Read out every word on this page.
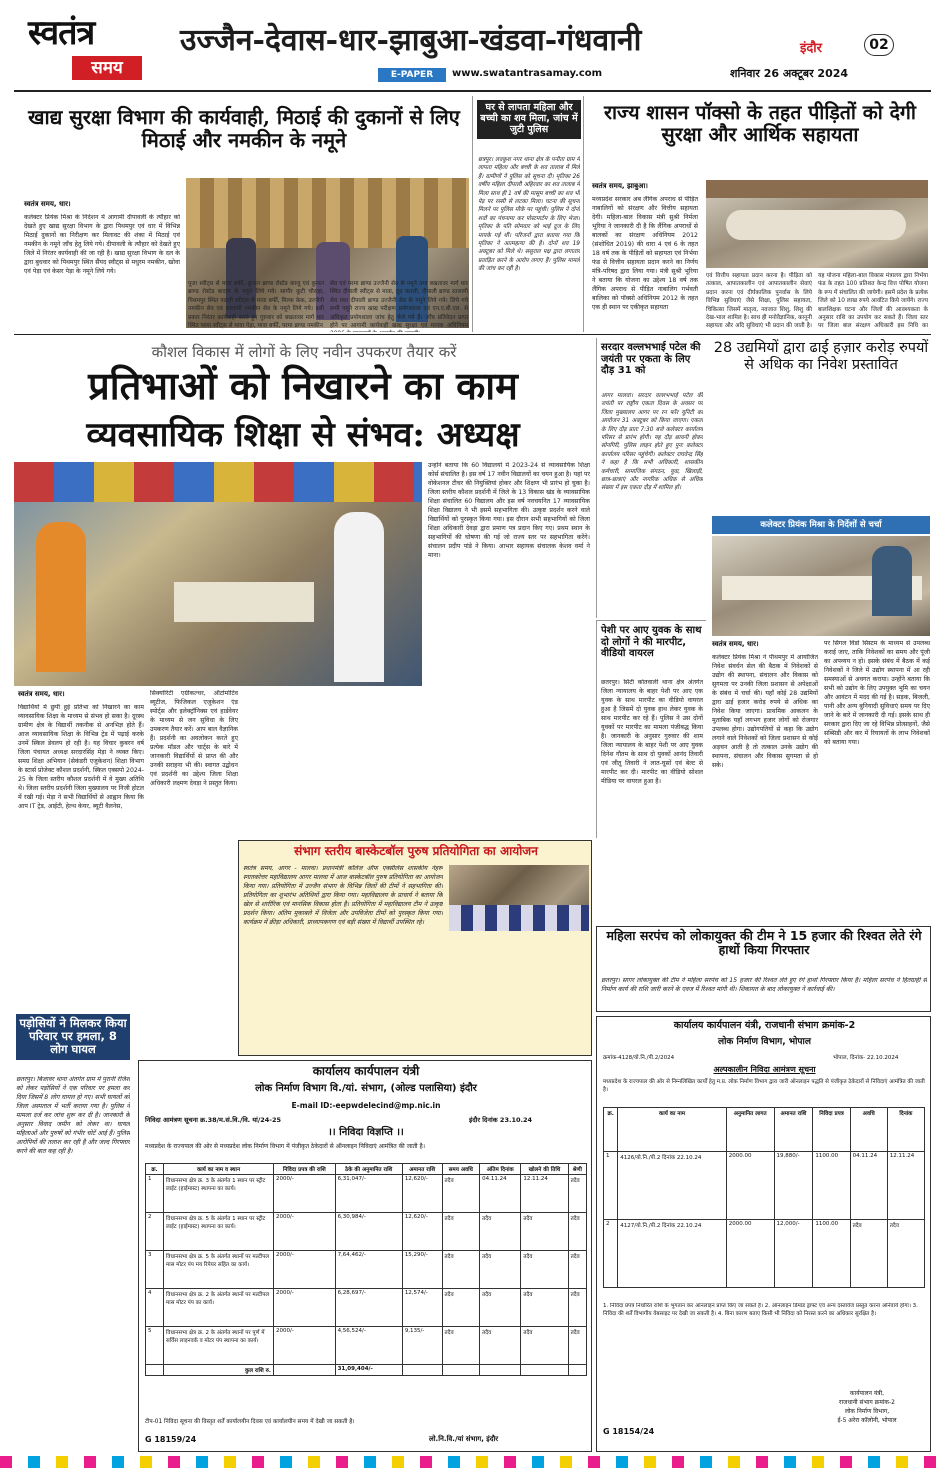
स्वतंत्र
समय
उज्जैन-देवास-धार-झाबुआ-खंडवा-गंधवानी	इंदौर	02
E-PAPER	www.swatantrasamay.com	शनिवार 26 अक्टूबर 2024
खाद्य सुरक्षा विभाग की कार्यवाही, मिठाई की दुकानों से लिए मिठाई और नमकीन के नमूने
स्वतंत्र समय, धार।
कलेक्टर प्रियंक मिश्रा के निर्देशन में आगामी दीपावली के त्यौहार को देखते हुए खाद्य सुरक्षा विभाग के द्वारा पिथमपुर एवं धार में विभिन्न मिठाई दुकानों का निरीक्षण कर मिलावट की शंका में मिठाई एवं नमकीन के नमूने जाँच हेतु लिये गये। दीपावली के त्यौहार को देखते हुए जिले में निरंतर कार्यवाही की जा रही है। खाद्य सुरक्षा विभाग के दल के द्वारा बुधवार को पिथमपुर स्थित सैंयद स्वीट्स से मधुरम नमकीन, खोवा एवं पेड़ा एवं केसर पेड़ा के नमूने लिये गये।
पूजा स्वीट्स से मावा बर्फी, कुन्दन ब्राण्ड रोस्टेड काजू एवं कुन्दन ब्राण्ड रोस्टेड बादाम के नमूने लिये गये। सागौर कुटी चौराहा, पिथमपुर स्थित पदाती स्वीट्स से मावा बर्फी, मिल्क केक, उज्जैनी नमकीन सेव एवं रतलामी नमकीन सेव के नमूने लिये गये। इसी प्रकार निरंतर कार्यवाही करते हुए गुरुवार को बखतावर मार्ग धार स्थित परमा स्वीट्स से मावा पेड़ा, मावा बर्फी, परमा ब्राण्ड नमकीन
सेव एवं परमा ब्राण्ड उज्जैनी सेव के नमूने तथा बखतावर मार्ग धार स्थित दीपाली स्वीट्स से मावा, दूध कतली, दीपाली ब्राण्ड रतलामी सेव तथा दीपाली ब्राण्ड उज्जैनी सेव के नमूने लिये गये। लिये गये सभी नमूने राज्य खाद्य परीक्षण प्रयोगशाला एवं एन.ए.बी.एल. से अधिकृत प्रयोगशाला जांच हेतु भेजे गये हैं। जाँच प्रतिवेदन प्राप्त होने पर आगामी कार्यवाही खाद्य सुरक्षा एवं मानक अधिनियम
घर से लापता महिला और बच्ची का शव मिला, जांच में जुटी पुलिस
छत्रपुर। लवकुश नगर थाना क्षेत्र के पनौता ग्राम में लापता महिला और बच्ची के शव तालाब में मिले हैं। ग्रामीणों ने पुलिस को सूचना दी। मृतिका 26 वर्षीय महिला दीपाली अहिरवार का शव तालाब में मिला साथ ही 1 वर्ष की मासूम बच्ची का शव भी पेड़ पर रस्सी से लटका मिला। घटना की सूचना मिलने पर पुलिस मौके पर पहुंची। पुलिस ने दोनों शवों का पंचनामा कर पोस्टमार्टम के लिए भेजा। मृतिका के पति सोमवार को भाई दूज के लिए मायके गई थीं। परिजनों द्वारा बताया गया कि मृतिका ने आत्महत्या की है। दोनों शव 19 अक्टूबर को मिले थे। ससुराल पक्ष द्वारा लगातार प्रताड़ित करने के आरोप लगाए हैं। पुलिस मामले की जांच कर रही है।
राज्य शासन पॉक्सो के तहत पीड़ितों को देगी सुरक्षा और आर्थिक सहायता
स्वतंत्र समय, झाबुआ।
मध्यप्रदेश सरकार अब लैंगिक अपराध से पीड़ित नाबालिगों को संरक्षण और वित्तीय सहायता देगी। महिला-बाल विकास मंत्री सुश्री निर्मला भूरिया ने जानकारी दी है कि लैंगिक अपराधों से बालकों का संरक्षण अधिनियम 2012 (संशोधित 2019) की धारा 4 एवं 6 के तहत 18 वर्ष तक के पीड़ितों को सहायता एवं निर्भया फंड से वित्तीय सहायता प्रदान करने का निर्णय मंत्रि-परिषद द्वारा लिया गया। मंत्री सुश्री भूरिया ने बताया कि योजना का उद्देश्य 18 वर्ष तक लैंगिक अपराध से पीड़ित नाबालिग गर्भवती बालिका को पॉक्सो अधिनियम 2012 के तहत एक ही स्थान पर एकीकृत सहायता
एवं वित्तीय सहायता प्रदान करना है। पीड़िता को तत्काल, आपातकालीन एवं आपातकालीन सेवाएं प्रदान करना एवं दीर्घकालिक पुनर्वास के लिये विभिन्न सुविधाएं जैसे शिक्षा, पुलिस सहायता, चिकित्सा जिसमें मातृत्व, नवजात शिशु, शिशु की देख-भाल शामिल है। साथ ही मनोवैज्ञानिक, कानूनी सहायता और अदि सुविधाएं भी प्रदान की जाती है।
यह योजना महिला-बाल विकास मंत्रालय द्वारा निर्भया फंड के तहत 100 प्रतिशत केन्द्र वित्त पोषित योजना के रूप में संचालित की जायेगी। इसमें प्रदेश के प्रत्येक जिले को 10 लाख रुपये आवंटित किये जायेंगे। राज्य बालशिक्षक घटना और जिलों की आवश्यकता के अनुसार राशि का उपयोग कर सकते हैं। जिला स्तर पर जिला बाल संरक्षण अधिकारी इस निधि का
कौशल विकास में लोगों के लिए नवीन उपकरण तैयार करें
प्रतिभाओं को निखारने का काम
व्यवसायिक शिक्षा से संभव: अध्यक्ष
उन्होंने बताया कि 60 विद्यालयों में 2023-24 से व्यावसायिक शिक्षा कोर्स संचालित है। इस वर्ष 17 नवीन विद्यालयों का चयन हुआ है। यहां पर वोकेशनल टीचर की नियुक्तियां होकर और शिक्षण भी प्रारंभ हो चुका है। जिला स्तरीय कौशल प्रदर्शनी में जिले के 13 विकास खंड के व्यावसायिक शिक्षा संचालित 60 विद्यालय और इस वर्ष नवचयनित 17 व्यावसायिक शिक्षा विद्यालय ने भी इसमें सहभागिता की। उत्कृष्ट प्रदर्शन करने वाले विद्यार्थियों को पुरस्कृत किया गया। इस दौरान सभी सहभागियों को जिला शिक्षा अधिकारी देवड़ा द्वारा प्रमाण पत्र प्रदान किए गए। प्रथम स्थान के सहभागियों की घोषणा की गई जो राज्य स्तर पर सहभागिता करेंगे। संचालन प्रदीप पांडे ने किया। आभार सहायक संचालक केशव वर्मा ने माना।
स्वतंत्र समय, धार।
विद्यार्थियों में छुपी हुई प्रतिभा को निखारने का काम व्यावसायिक शिक्षा के माध्यम से संभव हो सका है। दूरस्थ ग्रामीण क्षेत्र के विद्यार्थी तकनीक से अनभिज्ञ होते हैं। आज व्यावसायिक शिक्षा के विभिन्न ट्रेड में पढ़ाई करके उनमें स्किल डेवलप हो रही है। यह विचार कुबरन वर्ष जिला पंचायत अध्यक्ष सरदारसिंह मेड़ा ने व्यक्त किए। समग्र शिक्षा अभियान (सेकंडरी एजुकेशन) शिक्षा विभाग के स्टार्स प्रोजेक्ट कौशल प्रदर्शनी, स्किल एक्सपो 2024-25 के जिला स्तरीय कौशल प्रदर्शनी में वे मुख्य अतिथि थे। जिला स्तरीय प्रदर्शनी जिला मुख्यालय पर निजी होटल में रखी गई। मेड़ा ने सभी विद्यार्थियों से आह्वान किया कि आप IT ट्रेड, आईटी, हेल्थ केयर, ब्यूटी वैलनेस,
सिक्योरिटी एग्रीकल्चर, ऑटोमोटिव ब्यूटीज, फिजिकल एजुकेशन एंड स्पोर्ट्स और इलेक्ट्रॉनिक्स एवं हार्डवेयर के माध्यम से जन सुविधा के लिए उपकरण तैयार करें। आप बाल वैज्ञानिक हैं। प्रदर्शनी का अवलोकन करते हुए प्रत्येक मॉडल और चार्ट्स के बारे में जानकारी विद्यार्थियों से प्राप्त की और उनकी सराहना भी की। स्वागत उद्बोधन एवं प्रदर्शनी का उद्देश्य जिला शिक्षा अधिकारी लक्ष्मण देवड़ा ने प्रस्तुत किया।
सरदार वल्लभभाई पटेल की जयंती पर एकता के लिए दौड़ 31 को
आगर मालवा। सरदार वल्लभभाई पटेल की जयंती पर राष्ट्रीय एकता दिवस के अवसर पर जिला मुख्यालय आगर पर रन फॉर यूनिटी का आयोजन 31 अक्टूबर को किया जाएगा। एकता के लिए दौड़ प्रातः 7:30 बजे कलेक्टर कार्यालय परिसर से प्रारंभ होगी। यह दौड़ छावनी होकर सोनगिरी, पुलिस लाइन होते हुए पुनः कलेक्टर कार्यालय परिसर पहुंचेगी। कलेक्टर राघवेन्द्र सिंह ने कहा है कि सभी अधिकारी, शासकीय कर्मचारी, सामाजिक संगठन, युवा, खिलाड़ी, छात्र-छात्राएं और नागरिक अधिक से अधिक संख्या में इस एकता दौड़ में शामिल हों।
पेशी पर आए युवक के साथ दो लोगों ने की मारपीट, वीडियो वायरल
छतरपुर। सिटी कोतवाली थाना क्षेत्र अंतर्गत जिला न्यायालय के बाहर पेशी पर आए एक युवक के साथ मारपीट का वीडियो वायरल हुआ है जिसमें दो युवक हाथ लेकर युवक के साथ मारपीट कर रहे हैं। पुलिस ने उस दोनों युवकों पर मारपीट का मामला पंजीबद्ध किया है। जानकारी के अनुसार गुरुवार की शाम जिला न्यायालय के बाहर पेशी पर आए युवक दिनेश गौतम के साथ दो युवकों आनंद तिवारी एवं जीतू तिवारी ने लात-घूसों एवं बेल्ट से मारपीट कर दी। मारपीट का वीडियो सोशल मीडिया पर वायरल हुआ है।
28 उद्यमियों द्वारा ढाई हज़ार करोड़ रुपयों से अधिक का निवेश प्रस्तावित
कलेक्टर प्रियंक मिश्रा के निर्देशों से चर्चा
स्वतंत्र समय, धार।
कलेक्टर प्रियंक मिश्रा ने पीथमपुर में आयोजित निवेश संवर्धन सेल की बैठक में निवेशकों से उद्योग की स्थापना, संचालन और विकास को सुगमता पर उनकी जिला प्रशासन से अपेक्षाओं के संबंध में चर्चा की। यहाँ कोई 28 उद्यमियों द्वारा ढाई हजार करोड़ रुपये से अधिक का निवेश किया जाएगा। प्राथमिक आकलन के मुताबिक यहाँ लगभग हजार लोगों को रोजगार उपलब्ध होगा। उद्योगपतियों से कहा कि उद्योग लगाने वाले निवेशकों को जिला प्रशासन से कोई अड़चन आती है तो तत्काल उनके उद्योग की स्थापना, संचालन और विकास सुगमता से हो सके।
पर सिंगल विंडो सिस्टम के माध्यम से उपलब्ध कराई जाए, ताकि निवेशकों का समय और पूंजी का अपव्यय न हो। इसके संबंध में बैठक में कई निवेशकों ने जिले में उद्योग स्थापना में आ रही समस्याओं से अवगत कराया। उन्होंने बताया कि सभी को उद्योग के लिए उपयुक्त भूमि का चयन और आवंटन में मदद की गई है। सड़क, बिजली, पानी और अन्य बुनियादी सुविधाएं समय पर दिए जाने के बारे में जानकारी दी गई। इसके साथ ही सरकार द्वारा दिए जा रहे विभिन्न प्रोत्साहनों, जैसे सब्सिडी और कर में रियायतों के लाभ निवेशकों को बताया गया।
संभाग स्तरीय बास्केटबॉल पुरुष प्रतियोगिता का आयोजन
स्वतंत्र समय, आगर - मालवा। प्रधानमंत्री कॉलेज ऑफ एक्सीलेंस शासकीय नेहरू स्नातकोत्तर महाविद्यालय आगर मालवा में आज बास्केटबॉल पुरुष प्रतियोगिता का आयोजन किया गया। प्रतियोगिता में उज्जैन संभाग के विभिन्न जिलों की टीमों ने सहभागिता की। प्रतियोगिता का शुभारंभ अतिथियों द्वारा किया गया। महाविद्यालय के प्राचार्य ने बताया कि खेल से शारीरिक एवं मानसिक विकास होता है। प्रतियोगिता में महाविद्यालय टीम ने उत्कृष्ट प्रदर्शन किया। अंतिम मुकाबले में विजेता और उपविजेता टीमों को पुरस्कृत किया गया। कार्यक्रम में क्रीड़ा अधिकारी, प्राध्यापकगण एवं बड़ी संख्या में विद्यार्थी उपस्थित रहे।
महिला सरपंच को लोकायुक्त की टीम ने 15 हजार की रिश्वत लेते रंगे हाथों किया गिरफ्तार
छतरपुर। सागर लोकायुक्त की टीम ने महिला सरपंच को 15 हजार की रिश्वत लेते हुए रंगे हाथों गिरफ्तार किया है। महिला सरपंच ने हितग्राही से निर्माण कार्य की राशि जारी करने के एवज में रिश्वत मांगी थी। शिकायत के बाद लोकायुक्त ने कार्रवाई की।
पड़ोसियों ने मिलकर किया परिवार पर हमला, 8 लोग घायल
छतरपुर। बिजावर थाना अंतर्गत ग्राम में पुरानी रंजिश को लेकर पड़ोसियों ने एक परिवार पर हमला कर दिया जिसमें 8 लोग घायल हो गए। सभी घायलों को जिला अस्पताल में भर्ती कराया गया है। पुलिस ने मामला दर्ज कर जांच शुरू कर दी है। जानकारी के अनुसार विवाद जमीन को लेकर था। घायल महिलाओं और पुरुषों को गंभीर चोटें आई हैं। पुलिस आरोपियों की तलाश कर रही है और जल्द गिरफ्तार करने की बात कह रही है।
कार्यालय कार्यपालन यंत्री
लोक निर्माण विभाग वि./यां. संभाग, (ओल्ड पलासिया) इंदौर
E-mail ID:-eepwdelecind@mp.nic.in
निविदा आमंत्रण सूचना क्र.38/म.सं.वि./वि. यां/24-25	इंदौर दिनांक 23.10.24
।। निविदा विज्ञप्ति ।।
मध्यप्रदेश के राज्यपाल की ओर से मध्यप्रदेश लोक निर्माण विभाग में पंजीकृत ठेकेदारों से ऑनलाइन निविदाएं आमंत्रित की जाती है।
क्र.	कार्य का नाम व स्थान	निविदा प्रपत्र की राशि	ठेके की अनुमानित राशि	अमानत राशि	समय अवधि	अंतिम दिनांक	खोलने की तिथि	श्रेणी
1	विधानसभा क्षेत्र क्र. 3 के अंतर्गत 1 स्थान पर स्ट्रीट लाईट (हाईमास्ट) स्थापना का कार्य।	2000/-	6,31,047/-	12,620/-	तदैव	04.11.24	12.11.24	तदैव
2	विधानसभा क्षेत्र क्र. 5 के अंतर्गत 1 स्थान पर स्ट्रीट लाईट (हाईमास्ट) स्थापना का कार्य।	2000/-	6,30,984/-	12,620/-	तदैव	तदैव	तदैव	तदैव
3	विधानसभा क्षेत्र क्र. 5 के अंतर्गत स्थानों पर मल्टीपल मास मोटर पंप मय रिपेयर सहित का कार्य।	2000/-	7,64,462/-	15,290/-	तदैव	तदैव	तदैव	तदैव
4	विधानसभा क्षेत्र क्र. 2 के अंतर्गत स्थानों पर मल्टीपल मास मोटर पंप का कार्य।	2000/-	6,28,697/-	12,574/-	तदैव	तदैव	तदैव	तदैव
5	विधानसभा क्षेत्र क्र. 2 के अंतर्गत स्थानों पर पूर्ण में सर्विस लाइनवर्क व मोटर पंप स्थापना का कार्य।	2000/-	4,56,524/-	9,135/-	तदैव	तदैव	तदैव	तदैव
	कुल राशि रु.		31,09,404/-					
टीप-01 निविदा सूचना की विस्तृत शर्तें कार्यालयीन दिवस एवं कार्यालयीन समय में देखी जा सकती है।
G 18159/24	लो.नि.वि./यां संभाग, इंदौर
कार्यालय कार्यपालन यंत्री, राजधानी संभाग क्रमांक-2
लोक निर्माण विभाग, भोपाल
क्रमांक-4128/यो.नि./पी.2/2024	भोपाल, दिनांक- 22.10.2024
अल्पकालीन निविदा आमंत्रण सूचना
मध्यप्रदेश के राज्यपाल की ओर से निम्नलिखित कार्यों हेतु म.प्र. लोक निर्माण विभाग द्वारा जारी ऑनलाइन पद्धति से पंजीकृत ठेकेदारों से निविदाएं आमंत्रित की जाती है।
क्र.	कार्य का नाम	अनुमानित लागत	अमानत राशि	निविदा प्रपत्र	अवधि	दिनांक
1	4126/यो.नि./पी.2 दिनांक 22.10.24	2000.00	19,880/-	1100.00	04.11.24	12.11.24
2	4127/यो.नि./पी.2 दिनांक 22.10.24	2000.00	12,000/-	1100.00	तदैव	तदैव
1. निविदा प्रपत्र निर्धारित राशि के भुगतान कर ऑनलाइन प्राप्त किए जा सकते हैं। 2. ऑनलाइन डिमांड ड्राफ्ट एवं अन्य दस्तावेज प्रस्तुत करना अनिवार्य होगा। 3. निविदा की शर्तें विभागीय वेबसाइट पर देखी जा सकती है। 4. बिना कारण बताए किसी भी निविदा को निरस्त करने का अधिकार सुरक्षित है।
G 18154/24
कार्यपालन यंत्री,
राजधानी संभाग क्रमांक-2
लोक निर्माण विभाग,
ई-5 अरेरा कॉलोनी, भोपाल
